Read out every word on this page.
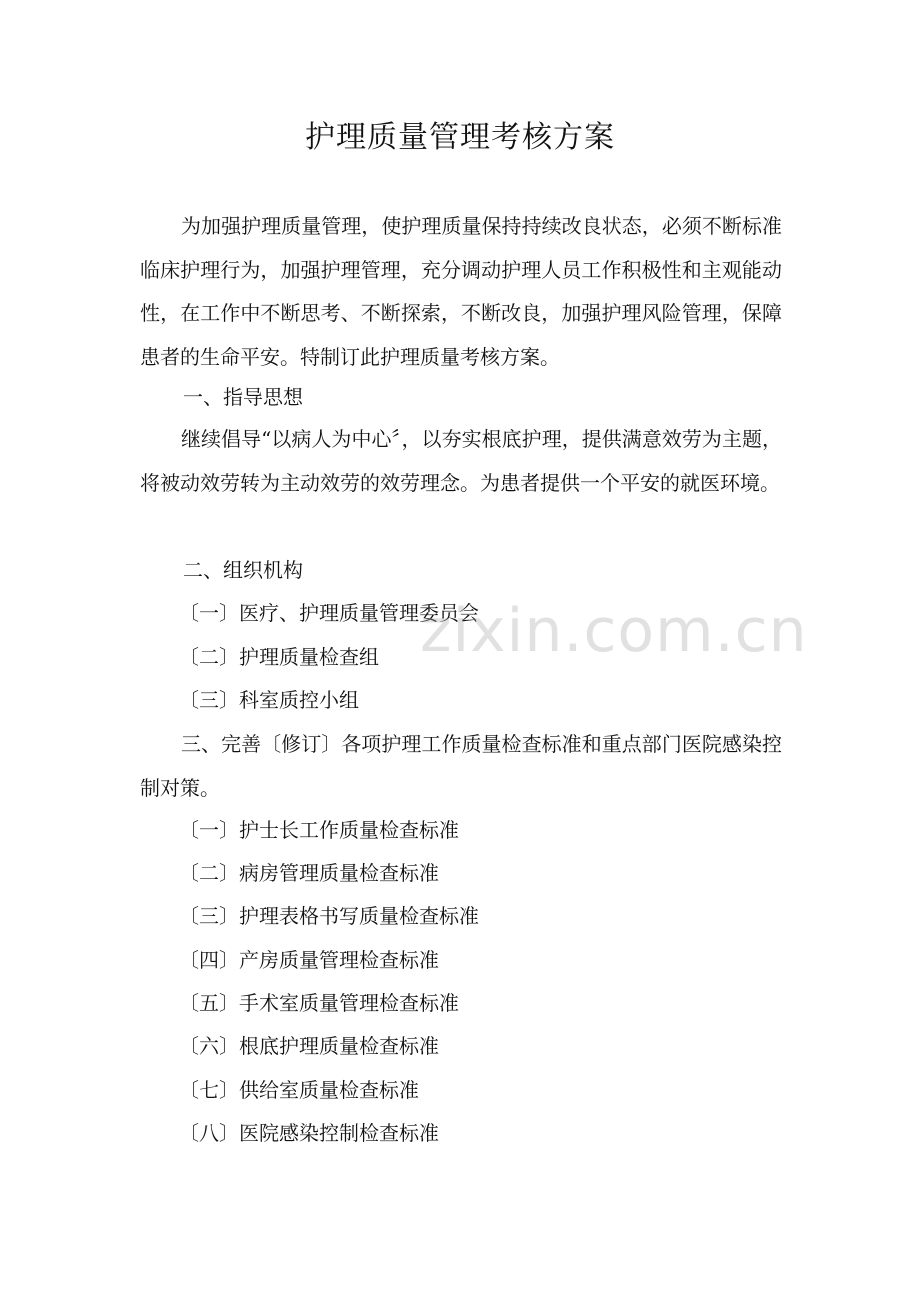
护理质量管理考核方案

为加强护理质量管理，使护理质量保持持续改良状态，必须不断标准临床护理行为，加强护理管理，充分调动护理人员工作积极性和主观能动性，在工作中不断思考、不断探索，不断改良，加强护理风险管理，保障患者的生命平安。特制订此护理质量考核方案。

一、指导思想

继续倡导“以病人为中心〞，以夯实根底护理，提供满意效劳为主题，将被动效劳转为主动效劳的效劳理念。为患者提供一个平安的就医环境。

二、组织机构

〔一〕医疗、护理质量管理委员会

〔二〕护理质量检查组

〔三〕科室质控小组

三、完善〔修订〕各项护理工作质量检查标准和重点部门医院感染控制对策。

〔一〕护士长工作质量检查标准

〔二〕病房管理质量检查标准

〔三〕护理表格书写质量检查标准

〔四〕产房质量管理检查标准

〔五〕手术室质量管理检查标准

〔六〕根底护理质量检查标准

〔七〕供给室质量检查标准

〔八〕医院感染控制检查标准

zixin.com.cn
